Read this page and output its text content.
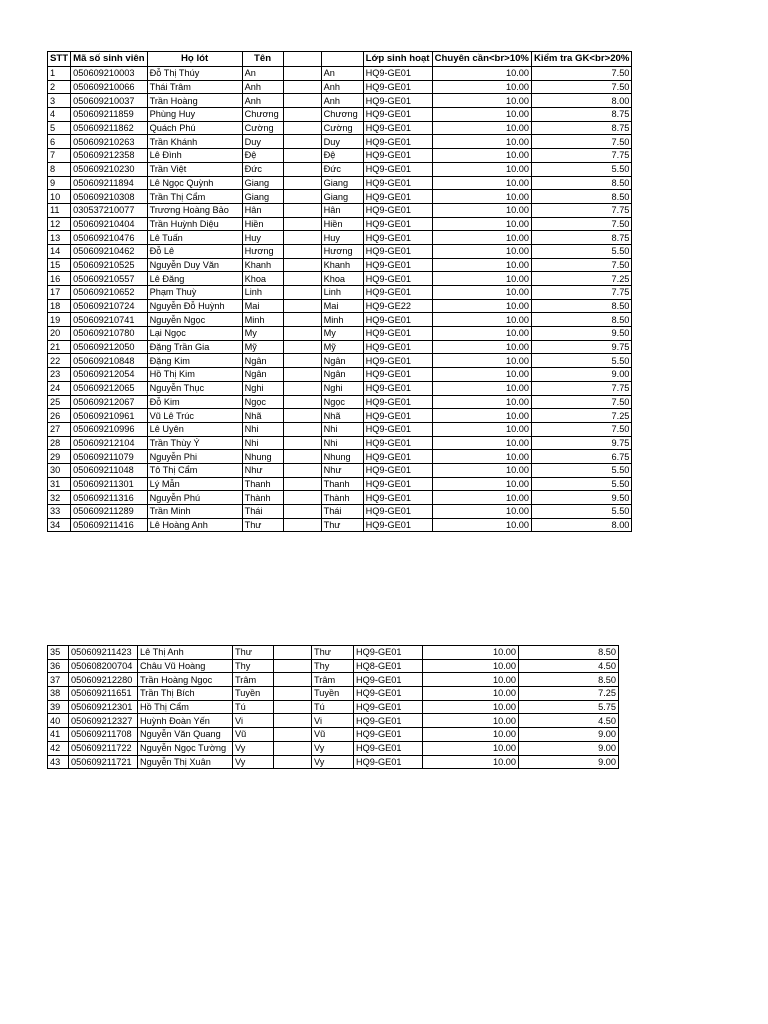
STT	Mã số sinh viên	Họ lót	Tên			Lớp sinh hoạt	Chuyên cần<br>10%	Kiểm tra GK<br>20%
1	050609210003	Đỗ Thị Thúy	An		An	HQ9-GE01	10.00	7.50
2	050609210066	Thái Trâm	Anh		Anh	HQ9-GE01	10.00	7.50
3	050609210037	Trần Hoàng	Anh		Anh	HQ9-GE01	10.00	8.00
4	050609211859	Phùng Huy	Chương		Chương	HQ9-GE01	10.00	8.75
5	050609211862	Quách Phú	Cường		Cường	HQ9-GE01	10.00	8.75
6	050609210263	Trần Khánh	Duy		Duy	HQ9-GE01	10.00	7.50
7	050609212358	Lê Đình	Đệ		Đệ	HQ9-GE01	10.00	7.75
8	050609210230	Trần Việt	Đức		Đức	HQ9-GE01	10.00	5.50
9	050609211894	Lê Ngọc Quỳnh	Giang		Giang	HQ9-GE01	10.00	8.50
10	050609210308	Trần Thị Cẩm	Giang		Giang	HQ9-GE01	10.00	8.50
11	030537210077	Trương Hoàng Bảo	Hân		Hân	HQ9-GE01	10.00	7.75
12	050609210404	Trần Huỳnh Diệu	Hiền		Hiền	HQ9-GE01	10.00	7.50
13	050609210476	Lê Tuấn	Huy		Huy	HQ9-GE01	10.00	8.75
14	050609210462	Đỗ Lê	Hương		Hương	HQ9-GE01	10.00	5.50
15	050609210525	Nguyễn Duy Văn	Khanh		Khanh	HQ9-GE01	10.00	7.50
16	050609210557	Lê Đăng	Khoa		Khoa	HQ9-GE01	10.00	7.25
17	050609210652	Phạm Thuỳ	Linh		Linh	HQ9-GE01	10.00	7.75
18	050609210724	Nguyễn Đỗ Huỳnh	Mai		Mai	HQ9-GE22	10.00	8.50
19	050609210741	Nguyễn Ngọc	Minh		Minh	HQ9-GE01	10.00	8.50
20	050609210780	Lại Ngọc	My		My	HQ9-GE01	10.00	9.50
21	050609212050	Đặng Trần Gia	Mỹ		Mỹ	HQ9-GE01	10.00	9.75
22	050609210848	Đặng Kim	Ngân		Ngân	HQ9-GE01	10.00	5.50
23	050609212054	Hồ Thị Kim	Ngân		Ngân	HQ9-GE01	10.00	9.00
24	050609212065	Nguyễn Thục	Nghi		Nghi	HQ9-GE01	10.00	7.75
25	050609212067	Đỗ Kim	Ngọc		Ngọc	HQ9-GE01	10.00	7.50
26	050609210961	Vũ Lê Trúc	Nhã		Nhã	HQ9-GE01	10.00	7.25
27	050609210996	Lê Uyên	Nhi		Nhi	HQ9-GE01	10.00	7.50
28	050609212104	Trần Thùy Ý	Nhi		Nhi	HQ9-GE01	10.00	9.75
29	050609211079	Nguyễn Phi	Nhung		Nhung	HQ9-GE01	10.00	6.75
30	050609211048	Tô Thị Cẩm	Như		Như	HQ9-GE01	10.00	5.50
31	050609211301	Lý Mẫn	Thanh		Thanh	HQ9-GE01	10.00	5.50
32	050609211316	Nguyễn Phú	Thành		Thành	HQ9-GE01	10.00	9.50
33	050609211289	Trần Minh	Thái		Thái	HQ9-GE01	10.00	5.50
34	050609211416	Lê Hoàng Anh	Thư		Thư	HQ9-GE01	10.00	8.00
35	050609211423	Lê Thị Anh	Thư		Thư	HQ9-GE01	10.00	8.50
36	050608200704	Châu Vũ Hoàng	Thy		Thy	HQ8-GE01	10.00	4.50
37	050609212280	Trần Hoàng Ngọc	Trâm		Trâm	HQ9-GE01	10.00	8.50
38	050609211651	Trần Thị Bích	Tuyền		Tuyền	HQ9-GE01	10.00	7.25
39	050609212301	Hồ Thị Cẩm	Tú		Tú	HQ9-GE01	10.00	5.75
40	050609212327	Huỳnh Đoàn Yến	Vi		Vi	HQ9-GE01	10.00	4.50
41	050609211708	Nguyễn Văn Quang	Vũ		Vũ	HQ9-GE01	10.00	9.00
42	050609211722	Nguyễn Ngọc Tường	Vy		Vy	HQ9-GE01	10.00	9.00
43	050609211721	Nguyễn Thị Xuân	Vy		Vy	HQ9-GE01	10.00	9.00
